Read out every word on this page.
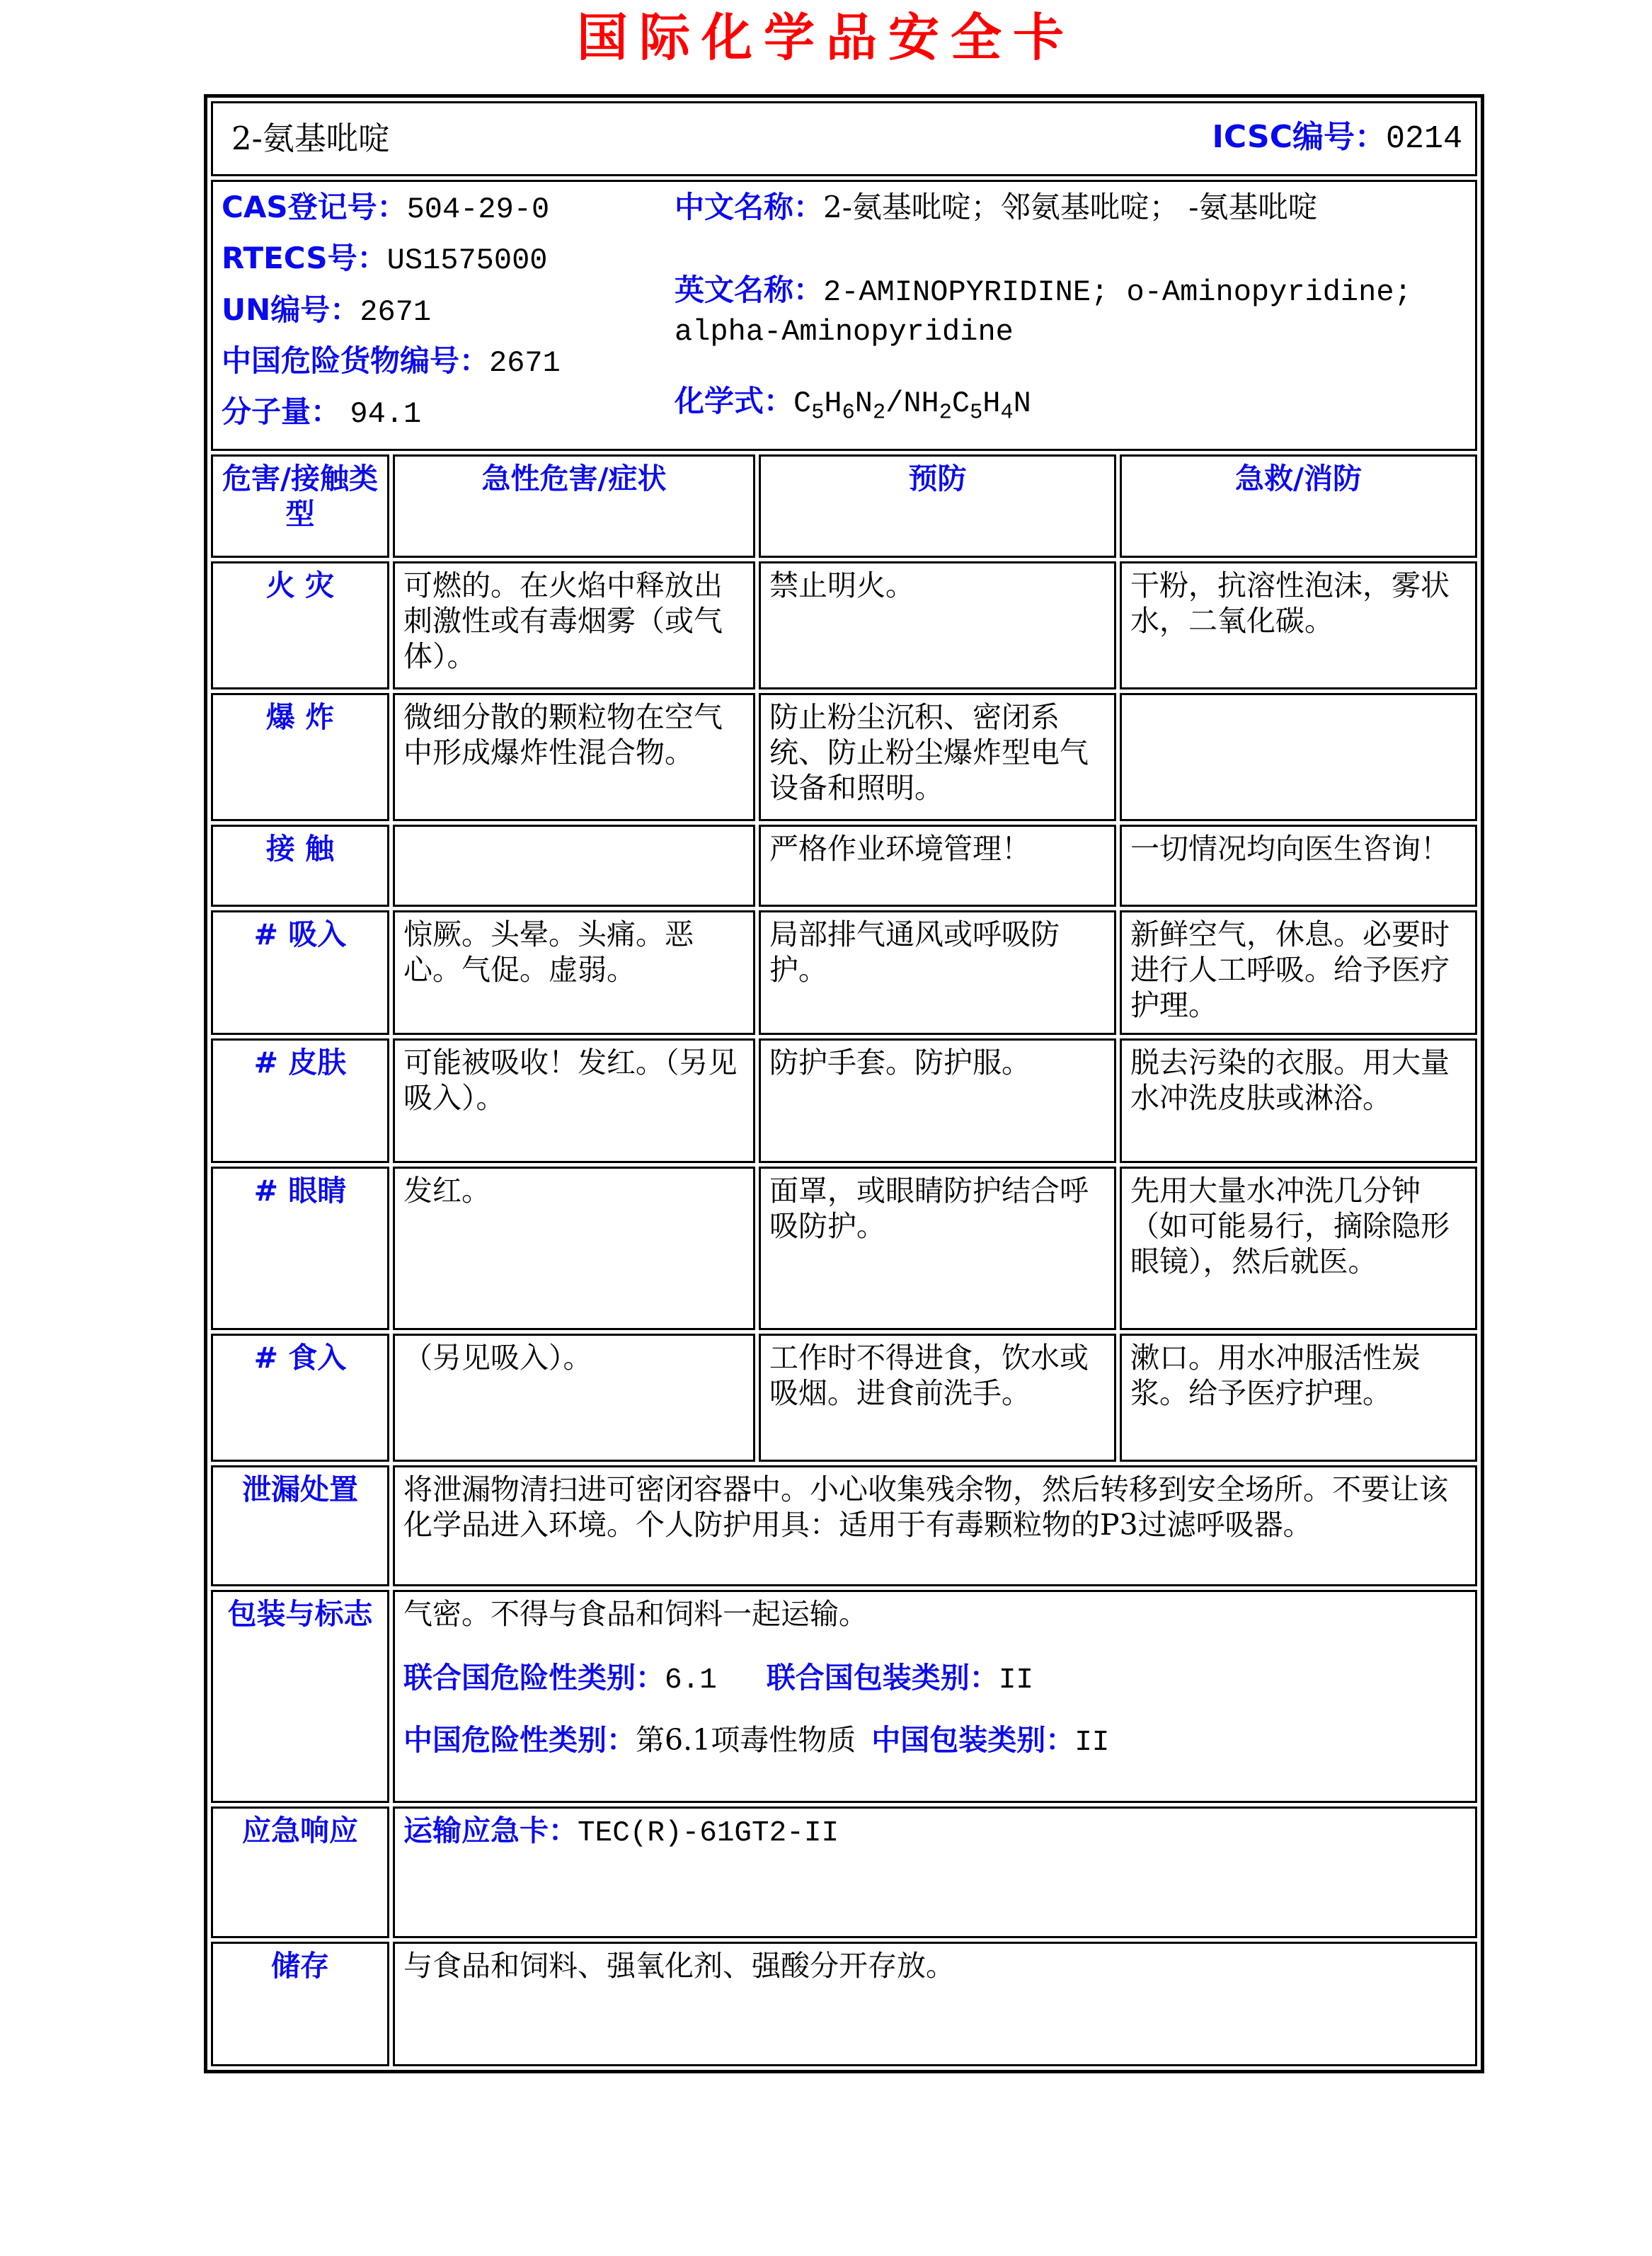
国际化学品安全卡
2-氨基吡啶 ICSC编号：0214			

CAS登记号：504-29-0
RTECS号：US1575000
UN编号：2671
中国危险货物编号：2671
分子量： 94.1
中文名称：2-氨基吡啶；邻氨基吡啶； -氨基吡啶
英文名称：2-AMINOPYRIDINE; o-Aminopyridine; alpha-Aminopyridine
化学式：$C_5H_6N_2/NH_2C_5H_4N$

危害/接触类型	急性危害/症状	预防	急救/消防
火 灾	可燃的。在火焰中释放出刺激性或有毒烟雾（或气体）。	禁止明火。	干粉，抗溶性泡沫，雾状水，二氧化碳。
爆 炸	微细分散的颗粒物在空气中形成爆炸性混合物。	防止粉尘沉积、密闭系统、防止粉尘爆炸型电气设备和照明。	
接 触		严格作业环境管理！	一切情况均向医生咨询！
# 吸入	惊厥。头晕。头痛。恶心。气促。虚弱。	局部排气通风或呼吸防护。	新鲜空气，休息。必要时进行人工呼吸。给予医疗护理。
# 皮肤	可能被吸收！发红。（另见吸入）。	防护手套。防护服。	脱去污染的衣服。用大量水冲洗皮肤或淋浴。
# 眼睛	发红。	面罩，或眼睛防护结合呼吸防护。	先用大量水冲洗几分钟（如可能易行，摘除隐形眼镜），然后就医。
# 食入	（另见吸入）。	工作时不得进食，饮水或吸烟。进食前洗手。	漱口。用水冲服活性炭浆。给予医疗护理。
泄漏处置	将泄漏物清扫进可密闭容器中。小心收集残余物，然后转移到安全场所。不要让该化学品进入环境。个人防护用具：适用于有毒颗粒物的P3过滤呼吸器。		
包装与标志	气密。不得与食品和饲料一起运输。
联合国危险性类别：6.1 联合国包装类别：II
中国危险性类别：第6.1项毒性物质 中国包装类别：II		

应急响应	运输应急卡：TEC(R)-61GT2-II		
储存	与食品和饲料、强氧化剂、强酸分开存放。		
